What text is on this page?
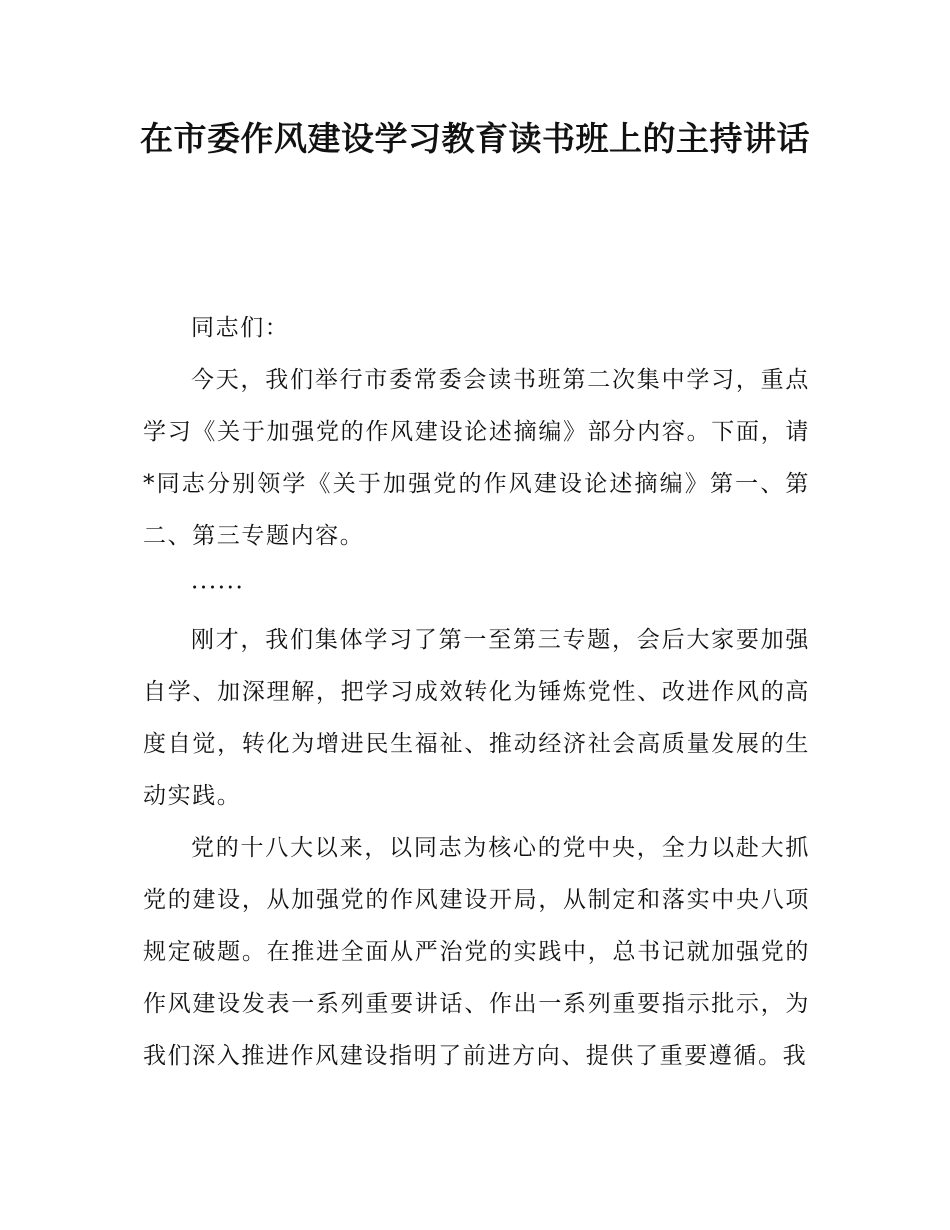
在市委作风建设学习教育读书班上的主持讲话

同志们：

今天，我们举行市委常委会读书班第二次集中学习，重点学习《关于加强党的作风建设论述摘编》部分内容。下面，请*同志分别领学《关于加强党的作风建设论述摘编》第一、第二、第三专题内容。

······

刚才，我们集体学习了第一至第三专题，会后大家要加强自学、加深理解，把学习成效转化为锤炼党性、改进作风的高度自觉，转化为增进民生福祉、推动经济社会高质量发展的生动实践。

党的十八大以来，以同志为核心的党中央，全力以赴大抓党的建设，从加强党的作风建设开局，从制定和落实中央八项规定破题。在推进全面从严治党的实践中，总书记就加强党的作风建设发表一系列重要讲话、作出一系列重要指示批示，为我们深入推进作风建设指明了前进方向、提供了重要遵循。我
